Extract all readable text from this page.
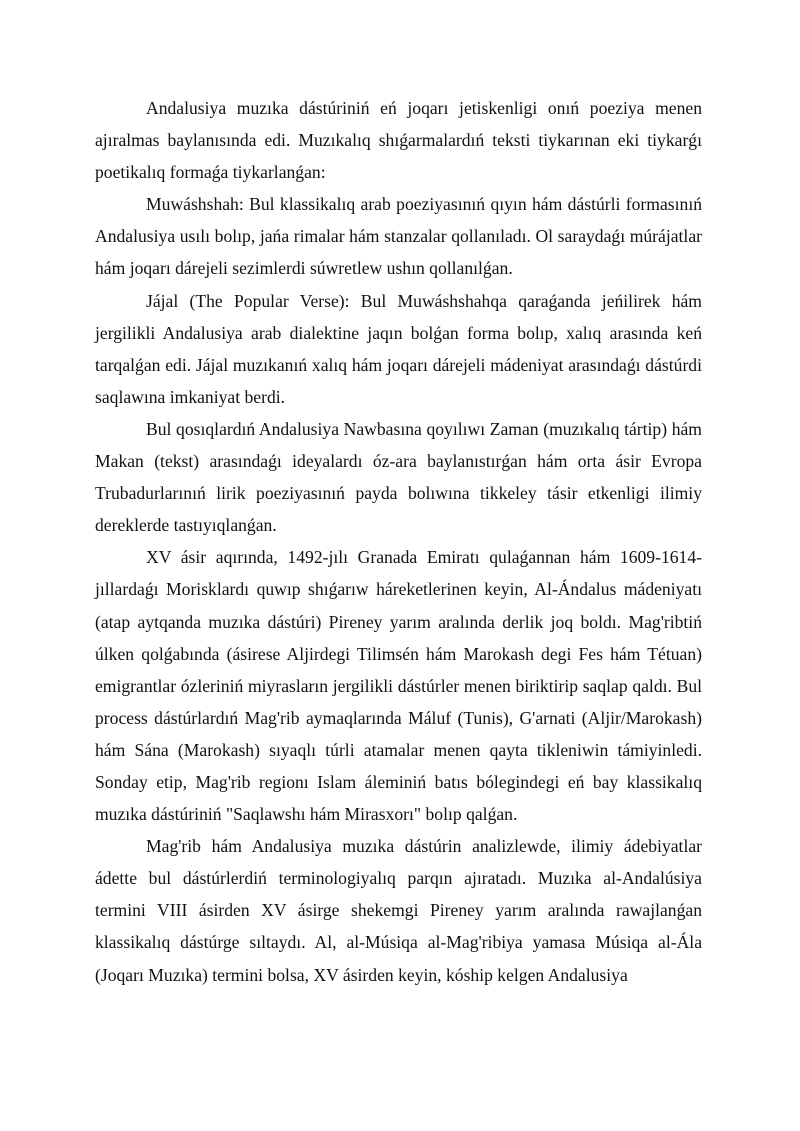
Andalusiya muzıka dástúriniń eń joqarı jetiskenligi onıń poeziya menen ajıralmas baylanısında edi. Muzıkalıq shıǵarmalardıń teksti tiykarınan eki tiykarǵı poetikalıq formaǵa tiykarlanǵan:

Muwáshshah: Bul klassikalıq arab poeziyasınıń qıyın hám dástúrli formasınıń Andalusiya usılı bolıp, jańa rimalar hám stanzalar qollanıladı. Ol saraydaǵı múrájatlar hám joqarı dárejeli sezimlerdi súwretlew ushın qollanılǵan.

Jájal (The Popular Verse): Bul Muwáshshahqa qaraǵanda jeńilirek hám jergilikli Andalusiya arab dialektine jaqın bolǵan forma bolıp, xalıq arasında keń tarqalǵan edi. Jájal muzıkanıń xalıq hám joqarı dárejeli mádeniyat arasındaǵı dástúrdi saqlawına imkaniyat berdi.

Bul qosıqlardıń Andalusiya Nawbasına qoyılıwı Zaman (muzıkalıq tártip) hám Makan (tekst) arasındaǵı ideyalardı óz-ara baylanıstırǵan hám orta ásir Evropa Trubadurlarınıń lirik poeziyasınıń payda bolıwına tikkeley tásir etkenligi ilimiy dereklerde tastıyıqlanǵan.

XV ásir aqırında, 1492-jılı Granada Emiratı qulaǵannan hám 1609-1614-jıllardaǵı Morisklardı quwıp shıǵarıw háreketlerinen keyin, Al-Ándalus mádeniyatı (atap aytqanda muzıka dástúri) Pireney yarım aralında derlik joq boldı. Mag'ribtiń úlken qolǵabında (ásirese Aljirdegi Tilimsén hám Marokash degi Fes hám Tétuan) emigrantlar ózleriniń miyrasların jergilikli dástúrler menen biriktirip saqlap qaldı. Bul process dástúrlardıń Mag'rib aymaqlarında Máluf (Tunis), G'arnati (Aljir/Marokash) hám Sána (Marokash) sıyaqlı túrli atamalar menen qayta tikleniwin támiyinledi. Sonday etip, Mag'rib regionı Islam áleminiń batıs bólegindegi eń bay klassikalıq muzıka dástúriniń "Saqlawshı hám Mirasxorı" bolıp qalǵan.

Mag'rib hám Andalusiya muzıka dástúrin analizlewde, ilimiy ádebiyatlar ádette bul dástúrlerdiń terminologiyalıq parqın ajıratadı. Muzıka al-Andalúsiya termini VIII ásirden XV ásirge shekemgi Pireney yarım aralında rawajlanǵan klassikalıq dástúrge sıltaydı. Al, al-Músiqa al-Mag'ribiya yamasa Músiqa al-Ála (Joqarı Muzıka) termini bolsa, XV ásirden keyin, kóship kelgen Andalusiya
